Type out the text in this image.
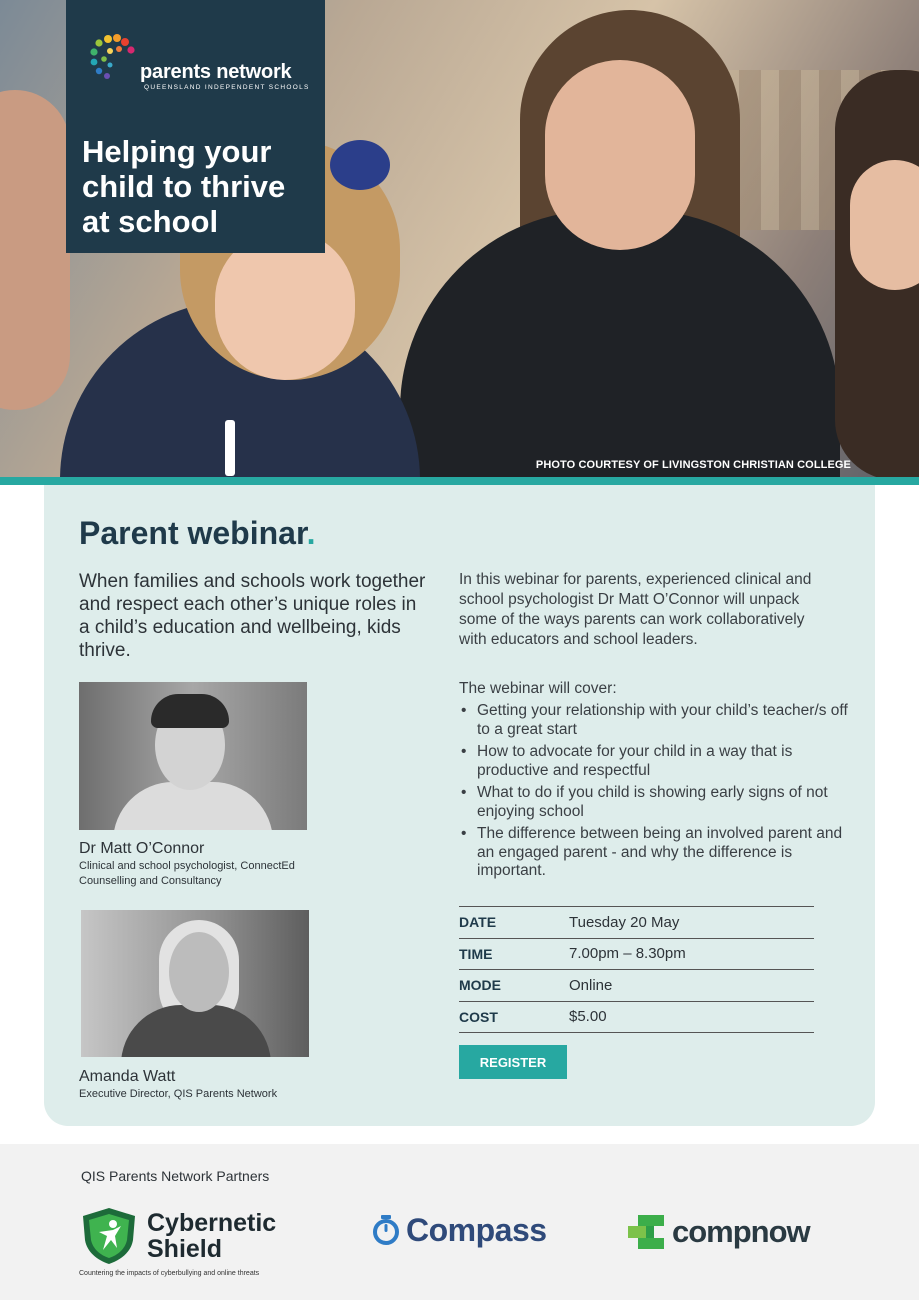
PHOTO COURTESY OF LIVINGSTON CHRISTIAN COLLEGE
parents network
QUEENSLAND INDEPENDENT SCHOOLS
Helping your child to thrive at school
Parent webinar.
When families and schools work together and respect each other’s unique roles in a child’s education and wellbeing, kids thrive.
Dr Matt O’Connor
Clinical and school psychologist, ConnectEd Counselling and Consultancy
Amanda Watt
Executive Director, QIS Parents Network
In this webinar for parents, experienced clinical and school psychologist Dr Matt O’Connor will unpack some of the ways parents can work collaboratively with educators and school leaders.
The webinar will cover:
• Getting your relationship with your child’s teacher/s off to a great start
• How to advocate for your child in a way that is productive and respectful
• What to do if you child is showing early signs of not enjoying school
• The difference between being an involved parent and an engaged parent - and why the difference is important.
DATE	Tuesday 20 May
TIME	7.00pm – 8.30pm
MODE	Online
COST	$5.00
REGISTER
QIS Parents Network Partners
Cybernetic
Shield
Countering the impacts of cyberbullying and online threats
Compass	compnow
